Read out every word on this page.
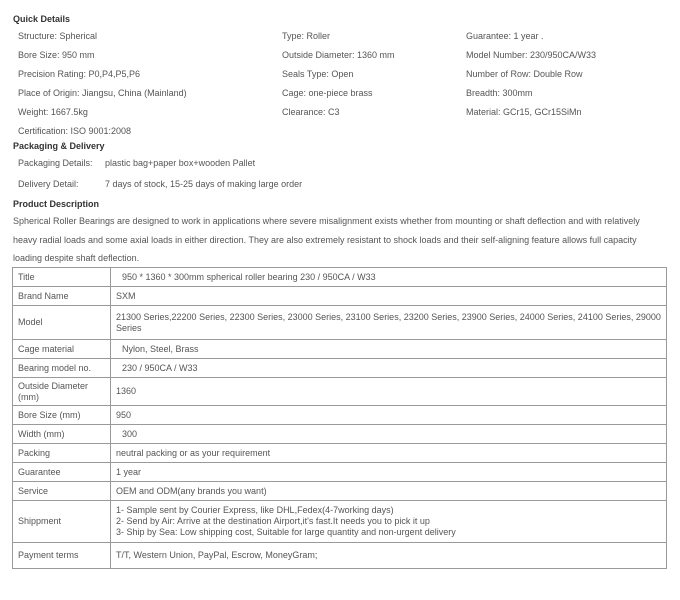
Quick Details
Structure: Spherical	Type: Roller	Guarantee: 1 year .
Bore Size: 950 mm	Outside Diameter: 1360 mm	Model Number: 230/950CA/W33
Precision Rating: P0,P4,P5,P6	Seals Type: Open	Number of Row: Double Row
Place of Origin: Jiangsu, China (Mainland)	Cage: one-piece brass	Breadth: 300mm
Weight: 1667.5kg	Clearance: C3	Material: GCr15, GCr15SiMn
Certification: ISO 9001:2008
Packaging & Delivery
Packaging Details: plastic bag+paper box+wooden Pallet
Delivery Detail:	7 days of stock, 15-25 days of making large order
Product Description
Spherical Roller Bearings are designed to work in applications where severe misalignment exists whether from mounting or shaft deflection and with relatively heavy radial loads and some axial loads in either direction. They are also extremely resistant to shock loads and their self-aligning feature allows full capacity loading despite shaft deflection.
Title	950 * 1360 * 300mm spherical roller bearing 230 / 950CA / W33
Brand Name	SXM
Model	21300 Series,22200 Series, 22300 Series, 23000 Series, 23100 Series, 23200 Series, 23900 Series, 24000 Series, 24100 Series, 29000 Series
Cage material	Nylon, Steel, Brass
Bearing model no.	230 / 950CA / W33
Outside Diameter (mm)	1360
Bore Size (mm)	950
Width (mm)	300
Packing	neutral packing or as your requirement
Guarantee	1 year
Service	OEM and ODM(any brands you want)
Shippment	1- Sample sent by Courier Express, like DHL,Fedex(4-7working days)
2- Send by Air: Arrive at the destination Airport,it's fast.It needs you to pick it up
3- Ship by Sea: Low shipping cost, Suitable for large quantity and non-urgent delivery
Payment terms	T/T, Western Union, PayPal, Escrow, MoneyGram;
